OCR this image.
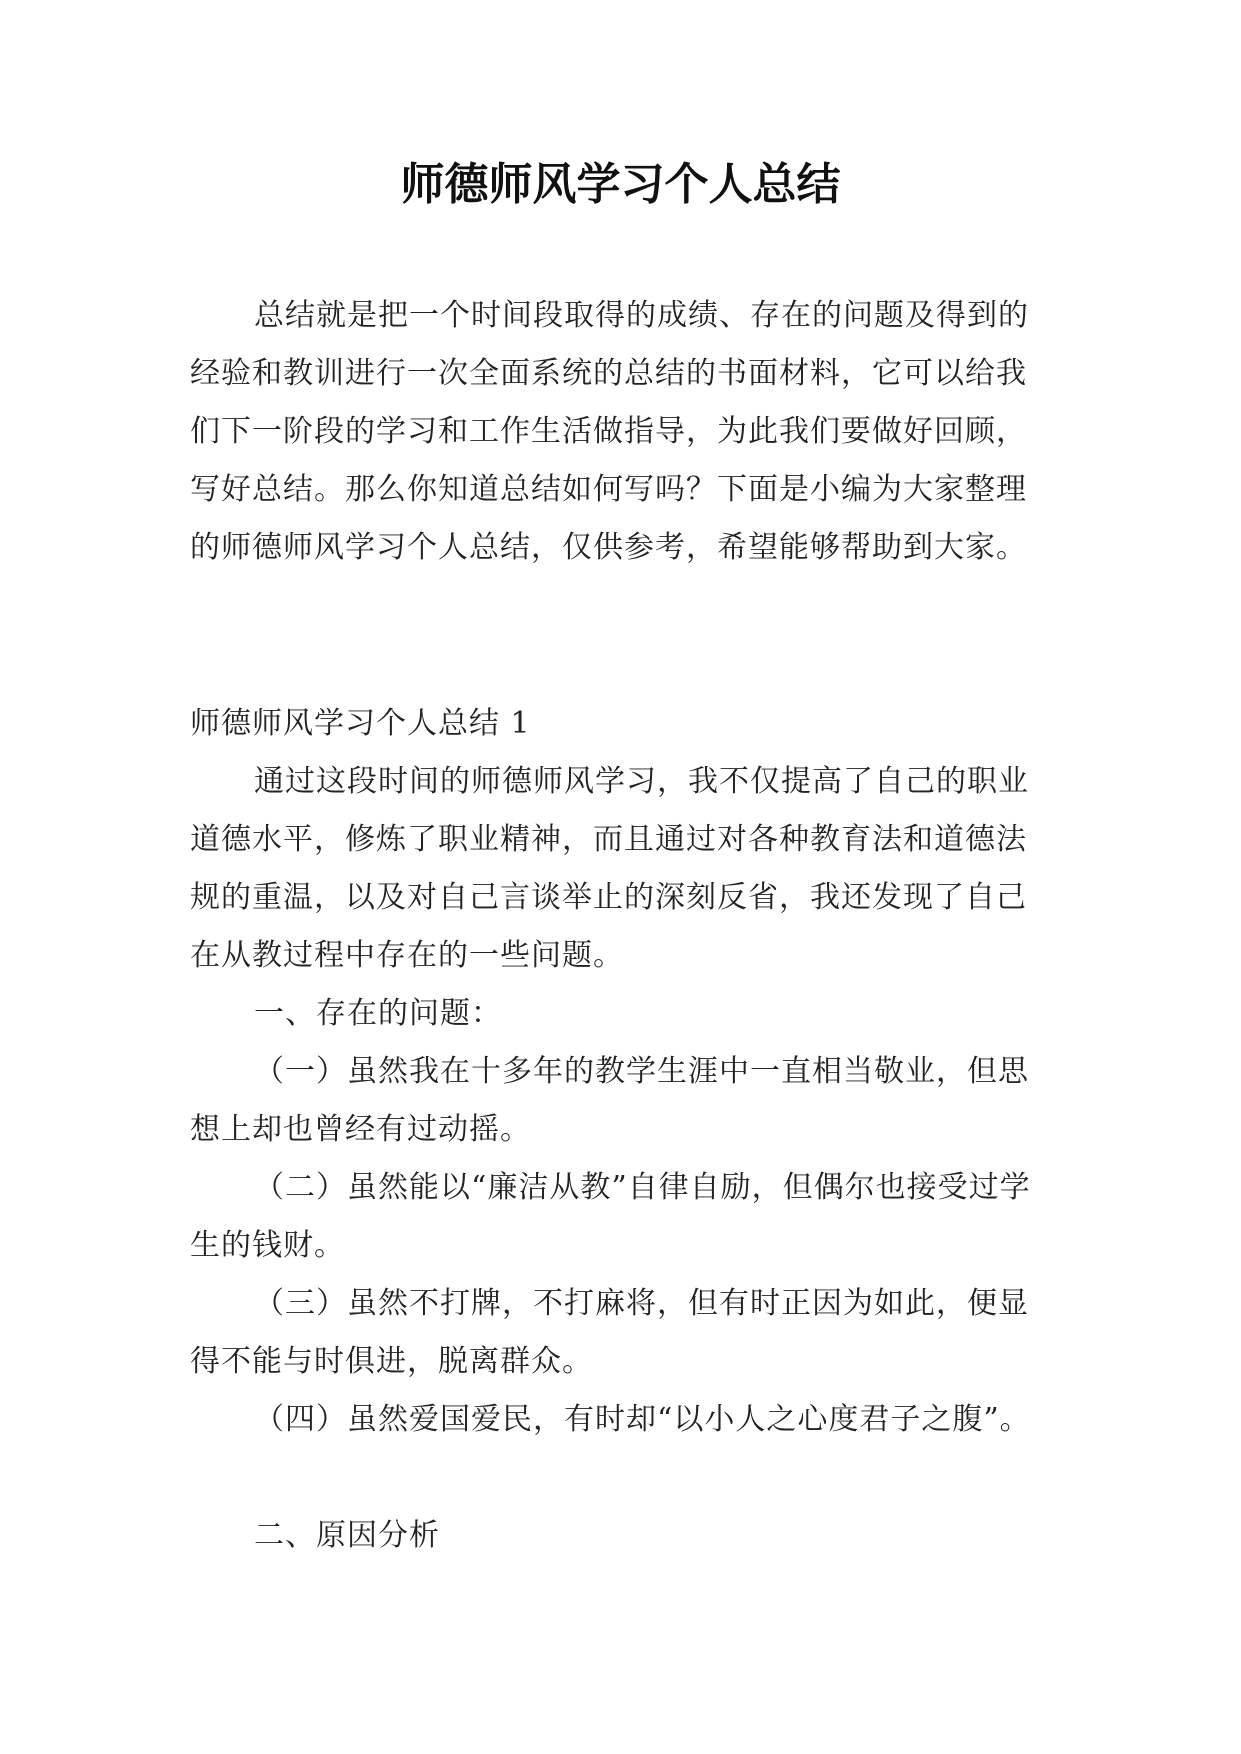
师德师风学习个人总结

总结就是把一个时间段取得的成绩、存在的问题及得到的经验和教训进行一次全面系统的总结的书面材料，它可以给我们下一阶段的学习和工作生活做指导，为此我们要做好回顾，写好总结。那么你知道总结如何写吗？下面是小编为大家整理的师德师风学习个人总结，仅供参考，希望能够帮助到大家。

师德师风学习个人总结 1

通过这段时间的师德师风学习，我不仅提高了自己的职业道德水平，修炼了职业精神，而且通过对各种教育法和道德法规的重温，以及对自己言谈举止的深刻反省，我还发现了自己在从教过程中存在的一些问题。

一、存在的问题：

（一）虽然我在十多年的教学生涯中一直相当敬业，但思想上却也曾经有过动摇。

（二）虽然能以“廉洁从教”自律自励，但偶尔也接受过学生的钱财。

（三）虽然不打牌，不打麻将，但有时正因为如此，便显得不能与时俱进，脱离群众。

（四）虽然爱国爱民，有时却“以小人之心度君子之腹”。

二、原因分析
